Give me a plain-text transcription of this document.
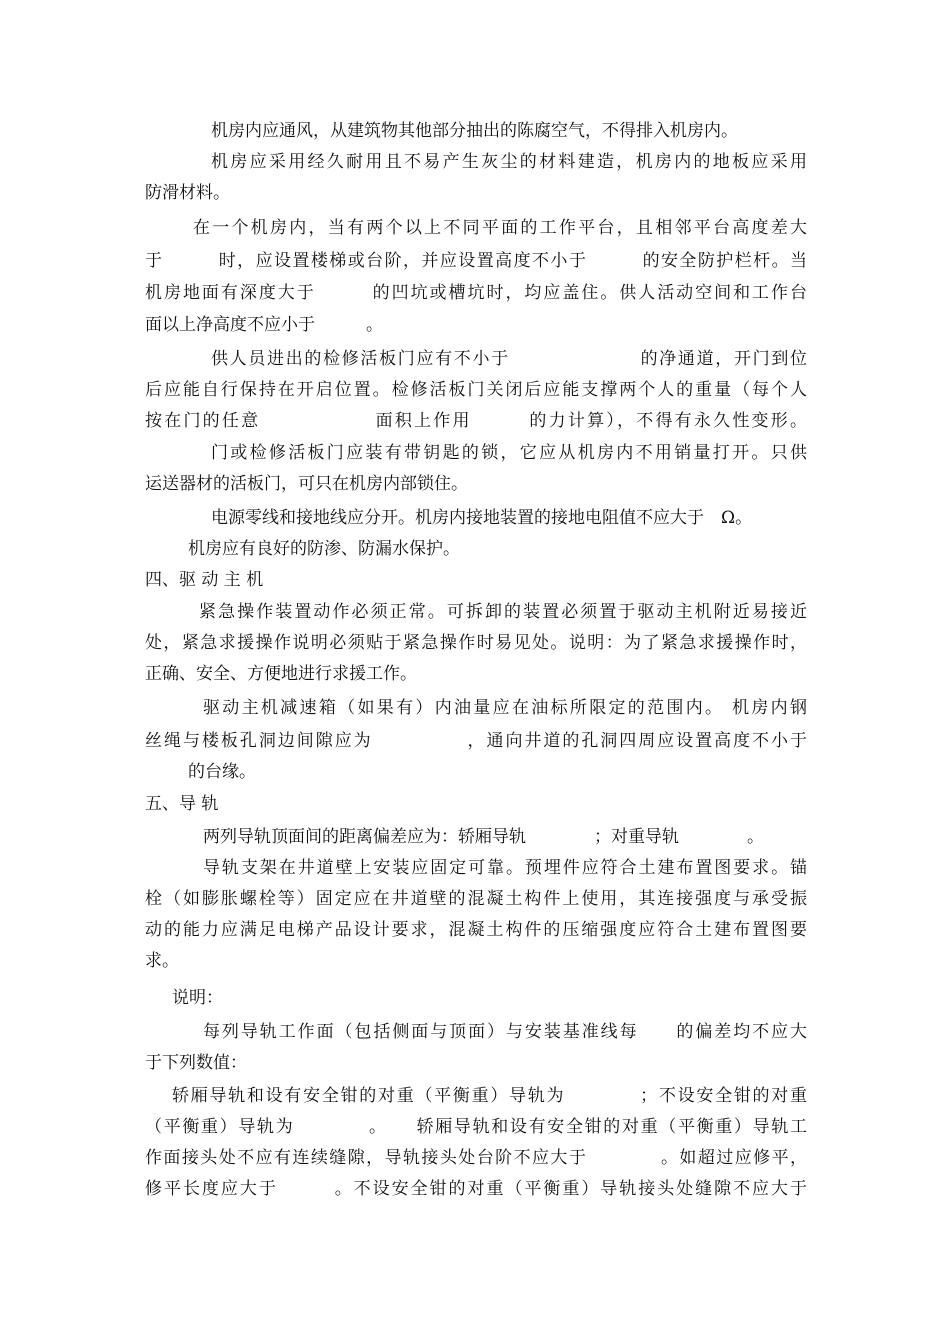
机房内应通风，从建筑物其他部分抽出的陈腐空气，不得排入机房内。
机房应采用经久耐用且不易产生灰尘的材料建造，机房内的地板应采用
防滑材料。
在一个机房内，当有两个以上不同平面的工作平台，且相邻平台高度差大
于　　　时，应设置楼梯或台阶，并应设置高度不小于　　　的安全防护栏杆。当
机房地面有深度大于　　　的凹坑或槽坑时，均应盖住。供人活动空间和工作台
面以上净高度不应小于　　　。
供人员进出的检修活板门应有不小于　　　　　　　的净通道，开门到位
后应能自行保持在开启位置。检修活板门关闭后应能支撑两个人的重量（每个人
按在门的任意　　　　　　面积上作用　　　的力计算），不得有永久性变形。
门或检修活板门应装有带钥匙的锁，它应从机房内不用销量打开。只供
运送器材的活板门，可只在机房内部锁住。
电源零线和接地线应分开。机房内接地装置的接地电阻值不应大于　Ω。
机房应有良好的防渗、防漏水保护。
四、驱 动 主 机
紧急操作装置动作必须正常。可拆卸的装置必须置于驱动主机附近易接近
处，紧急求援操作说明必须贴于紧急操作时易见处。说明：为了紧急求援操作时，
正确、安全、方便地进行求援工作。
驱动主机减速箱（如果有）内油量应在油标所限定的范围内。 机房内钢
丝绳与楼板孔洞边间隙应为　　　　　，通向井道的孔洞四周应设置高度不小于
的台缘。
五、导 轨
两列导轨顶面间的距离偏差应为：轿厢导轨　　　　；对重导轨　　　　。
导轨支架在井道壁上安装应固定可靠。预埋件应符合土建布置图要求。锚
栓（如膨胀螺栓等）固定应在井道壁的混凝土构件上使用，其连接强度与承受振
动的能力应满足电梯产品设计要求，混凝土构件的压缩强度应符合土建布置图要
求。
说明：
每列导轨工作面（包括侧面与顶面）与安装基准线每　　的偏差均不应大
于下列数值：
轿厢导轨和设有安全钳的对重（平衡重）导轨为　　　　；不设安全钳的对重
（平衡重）导轨为　　　　。　　轿厢导轨和设有安全钳的对重（平衡重）导轨工
作面接头处不应有连续缝隙，导轨接头处台阶不应大于　　　　。如超过应修平，
修平长度应大于　　　。不设安全钳的对重（平衡重）导轨接头处缝隙不应大于
